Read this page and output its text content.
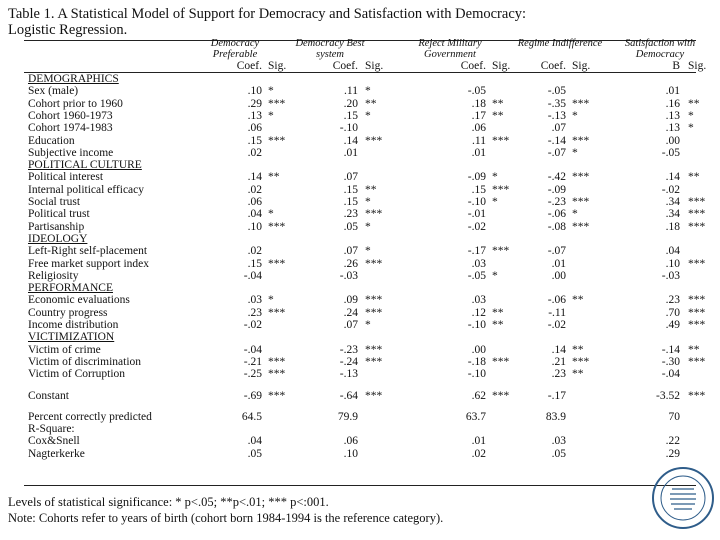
Table 1. A Statistical Model of Support for Democracy and Satisfaction with Democracy: Logistic Regression.
Democracy Preferable
Coef. Sig.
Democracy Best system
Coef. Sig.
Reject Military Government
Coef. Sig.
Regime Indifference
Coef. Sig.
Satisfaction with Democracy
B Sig.
DEMOGRAPHICS
Sex (male)	.10 *	.11 *	-.05	-.05	.01
Cohort prior to 1960	.29 ***	.20 **	.18 **	-.35 ***	.16 **
Cohort 1960-1973	.13 *	.15 *	.17 **	-.13 *	.13 *
Cohort 1974-1983	.06	-.10	.06	.07	.13 *
Education	.15 ***	.14 ***	.11 ***	-.14 ***	.00
Subjective income	.02	.01	.01	-.07 *	-.05
POLITICAL CULTURE
Political interest	.14 **	.07	-.09 *	-.42 ***	.14 **
Internal political efficacy	.02	.15 **	.15 ***	-.09	-.02
Social trust	.06	.15 *	-.10 *	-.23 ***	.34 ***
Political trust	.04 *	.23 ***	-.01	-.06 *	.34 ***
Partisanship	.10 ***	.05 *	-.02	-.08 ***	.18 ***
IDEOLOGY
Left-Right self-placement	.02	.07 *	-.17 ***	-.07	.04
Free market support index	.15 ***	.26 ***	.03	.01	.10 ***
Religiosity	-.04	-.03	-.05 *	.00	-.03
PERFORMANCE
Economic evaluations	.03 *	.09 ***	.03	-.06 **	.23 ***
Country progress	.23 ***	.24 ***	.12 **	-.11	.70 ***
Income distribution	-.02	.07 *	-.10 **	-.02	.49 ***
VICTIMIZATION
Victim of crime	-.04	-.23 ***	.00	.14 **	-.14 **
Victim of discrimination	-.21 ***	-.24 ***	-.18 ***	.21 ***	-.30 ***
Victim of Corruption	-.25 ***	-.13	-.10	.23 **	-.04
Constant	-.69 ***	-.64 ***	.62 ***	-.17	-3.52 ***
Percent correctly predicted	64.5	79.9	63.7	83.9	70
R-Square:
Cox&Snell	.04	.06	.01	.03	.22
Nagterkerke	.05	.10	.02	.05	.29
Levels of statistical significance: * p<.05; **p<.01; *** p<:001.
Note: Cohorts refer to years of birth (cohort born 1984-1994 is the reference category).
